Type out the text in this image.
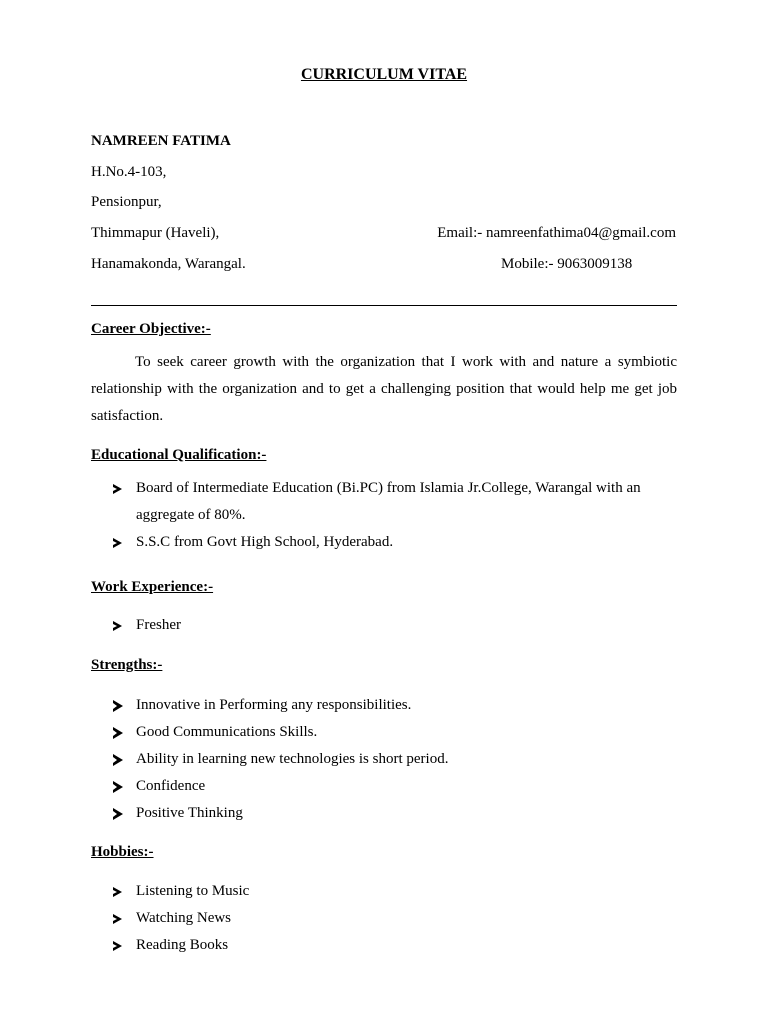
CURRICULUM VITAE
NAMREEN FATIMA
H.No.4-103,
Pensionpur,
Thimmapur (Haveli),
Hanamakonda, Warangal.
Email:- namreenfathima04@gmail.com
Mobile:- 9063009138
Career Objective:-
To seek career growth with the organization that I work with and nature a symbiotic relationship with the organization and to get a challenging position that would help me get job satisfaction.
Educational Qualification:-
Board of Intermediate Education (Bi.PC) from Islamia Jr.College, Warangal with an aggregate of 80%.
S.S.C from Govt High School, Hyderabad.
Work Experience:-
Fresher
Strengths:-
Innovative in Performing any responsibilities.
Good Communications Skills.
Ability in learning new technologies is short period.
Confidence
Positive Thinking
Hobbies:-
Listening to Music
Watching News
Reading Books
